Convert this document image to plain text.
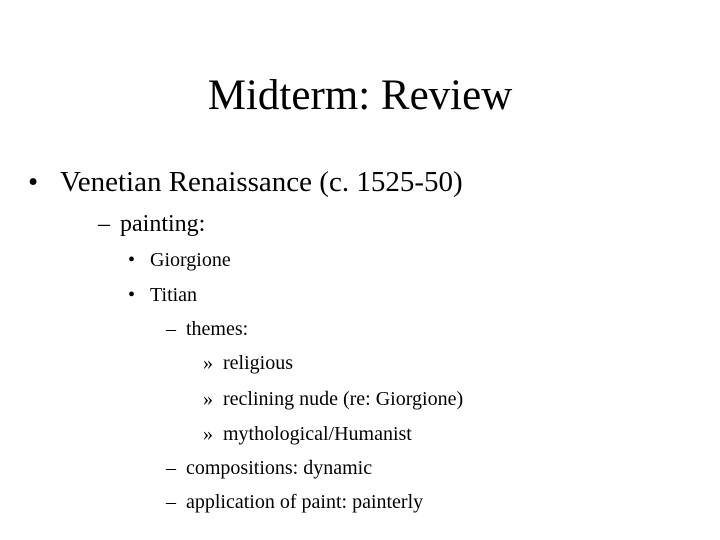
Midterm: Review
• Venetian Renaissance (c. 1525-50)
– painting:
• Giorgione
• Titian
– themes:
» religious
» reclining nude (re: Giorgione)
» mythological/Humanist
– compositions: dynamic
– application of paint: painterly
